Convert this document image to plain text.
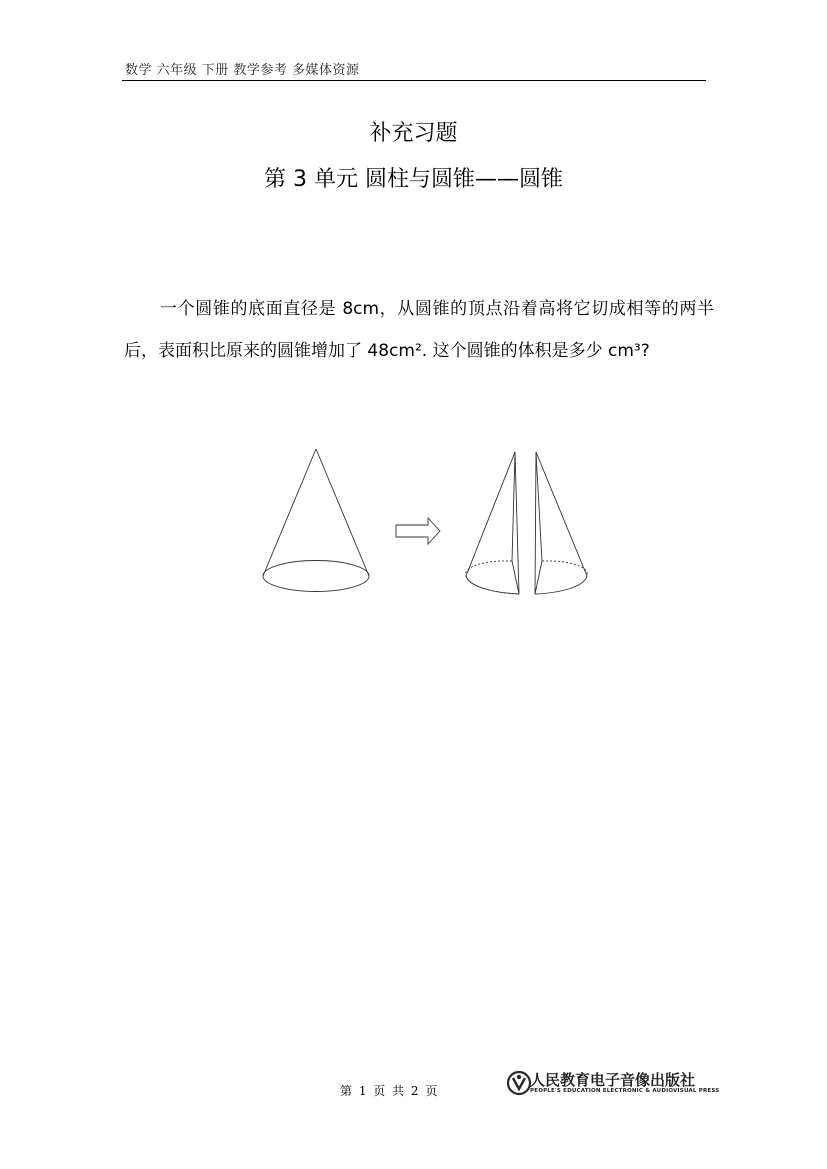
数学 六年级 下册 教学参考 多媒体资源
补充习题
第 3 单元 圆柱与圆锥——圆锥
一个圆锥的底面直径是 8cm，从圆锥的顶点沿着高将它切成相等的两半后，表面积比原来的圆锥增加了 48cm². 这个圆锥的体积是多少 cm³?
第 1 页 共 2 页
人民教育电子音像出版社
PEOPLE'S EDUCATION ELECTRONIC & AUDIOVISUAL PRESS
